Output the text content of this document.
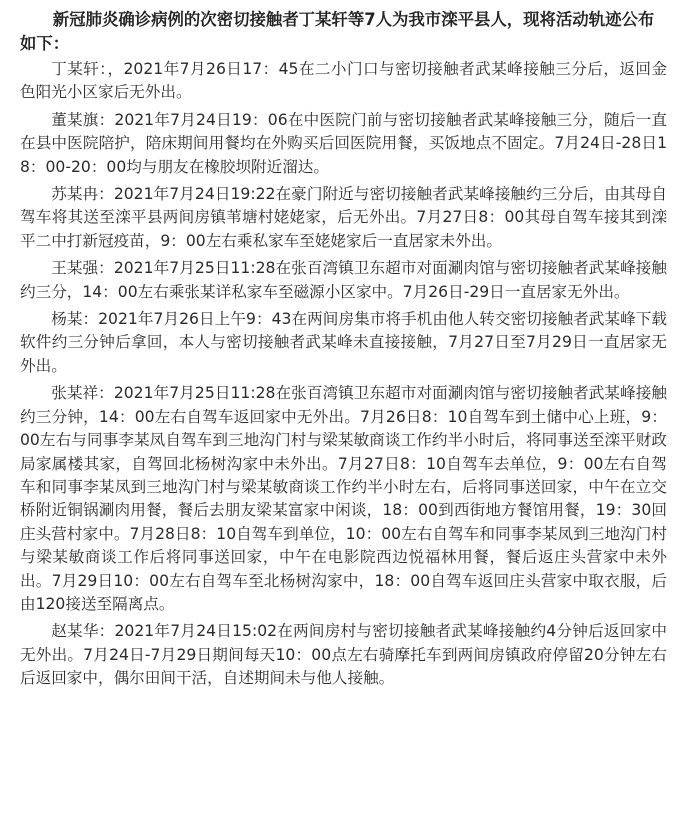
新冠肺炎确诊病例的次密切接触者丁某轩等7人为我市滦平县人，现将活动轨迹公布如下：

丁某轩：，2021年7月26日17：45在二小门口与密切接触者武某峰接触三分后，返回金色阳光小区家后无外出。

董某旗：2021年7月24日19：06在中医院门前与密切接触者武某峰接触三分，随后一直在县中医院陪护，陪床期间用餐均在外购买后回医院用餐，买饭地点不固定。7月24日-28日18：00-20：00均与朋友在橡胶坝附近溜达。

苏某冉：2021年7月24日19:22在豪门附近与密切接触者武某峰接触约三分后，由其母自驾车将其送至滦平县两间房镇苇塘村姥姥家，后无外出。7月27日8：00其母自驾车接其到滦平二中打新冠疫苗，9：00左右乘私家车至姥姥家后一直居家未外出。

王某强：2021年7月25日11:28在张百湾镇卫东超市对面涮肉馆与密切接触者武某峰接触约三分，14：00左右乘张某详私家车至磁源小区家中。7月26日-29日一直居家无外出。

杨某：2021年7月26日上午9：43在两间房集市将手机由他人转交密切接触者武某峰下载软件约三分钟后拿回，本人与密切接触者武某峰未直接接触，7月27日至7月29日一直居家无外出。

张某祥：2021年7月25日11:28在张百湾镇卫东超市对面涮肉馆与密切接触者武某峰接触约三分钟，14：00左右自驾车返回家中无外出。7月26日8：10自驾车到土储中心上班，9：00左右与同事李某凤自驾车到三地沟门村与梁某敏商谈工作约半小时后，将同事送至滦平财政局家属楼其家，自驾回北杨树沟家中未外出。7月27日8：10自驾车去单位，9：00左右自驾车和同事李某凤到三地沟门村与梁某敏商谈工作约半小时左右，后将同事送回家，中午在立交桥附近铜锅涮肉用餐，餐后去朋友梁某富家中闲谈，18：00到西街地方餐馆用餐，19：30回庄头营村家中。7月28日8：10自驾车到单位，10：00左右自驾车和同事李某凤到三地沟门村与梁某敏商谈工作后将同事送回家，中午在电影院西边悦福林用餐，餐后返庄头营家中未外出。7月29日10：00左右自驾车至北杨树沟家中，18：00自驾车返回庄头营家中取衣服，后由120接送至隔离点。

赵某华：2021年7月24日15:02在两间房村与密切接触者武某峰接触约4分钟后返回家中无外出。7月24日-7月29日期间每天10：00点左右骑摩托车到两间房镇政府停留20分钟左右后返回家中，偶尔田间干活，自述期间未与他人接触。
